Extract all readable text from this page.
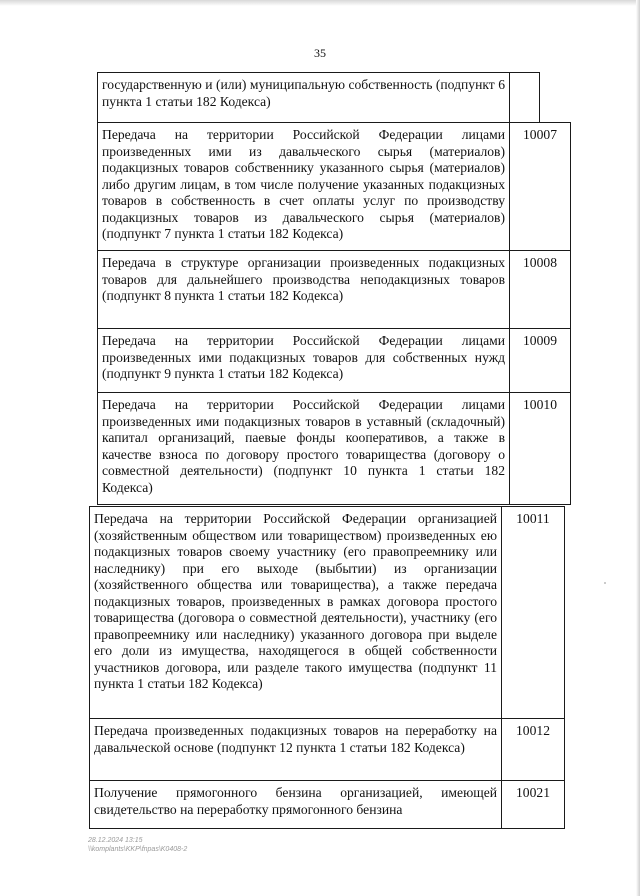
35
государственную и (или) муниципальную собственность (подпункт 6 пункта 1 статьи 182 Кодекса)	
Передача на территории Российской Федерации лицами произведенных ими из давальческого сырья (материалов) подакцизных товаров собственнику указанного сырья (материалов) либо другим лицам, в том числе получение указанных подакцизных товаров в собственность в счет оплаты услуг по производству подакцизных товаров из давальческого сырья (материалов) (подпункт 7 пункта 1 статьи 182 Кодекса)	10007
Передача в структуре организации произведенных подакцизных товаров для дальнейшего производства неподакцизных товаров (подпункт 8 пункта 1 статьи 182 Кодекса)	10008
Передача на территории Российской Федерации лицами произведенных ими подакцизных товаров для собственных нужд (подпункт 9 пункта 1 статьи 182 Кодекса)	10009
Передача на территории Российской Федерации лицами произведенных ими подакцизных товаров в уставный (складочный) капитал организаций, паевые фонды кооперативов, а также в качестве взноса по договору простого товарищества (договору о совместной деятельности) (подпункт 10 пункта 1 статьи 182 Кодекса)	10010
Передача на территории Российской Федерации организацией (хозяйственным обществом или товариществом) произведенных ею подакцизных товаров своему участнику (его правопреемнику или наследнику) при его выходе (выбытии) из организации (хозяйственного общества или товарищества), а также передача подакцизных товаров, произведенных в рамках договора простого товарищества (договора о совместной деятельности), участнику (его правопреемнику или наследнику) указанного договора при выделе его доли из имущества, находящегося в общей собственности участников договора, или разделе такого имущества (подпункт 11 пункта 1 статьи 182 Кодекса)	10011
Передача произведенных подакцизных товаров на переработку на давальческой основе (подпункт 12 пункта 1 статьи 182 Кодекса)	10012
Получение прямогонного бензина организацией, имеющей свидетельство на переработку прямогонного бензина	10021
28.12.2024 13:15
\\komplants\KKP\fnpas\K0408-2
